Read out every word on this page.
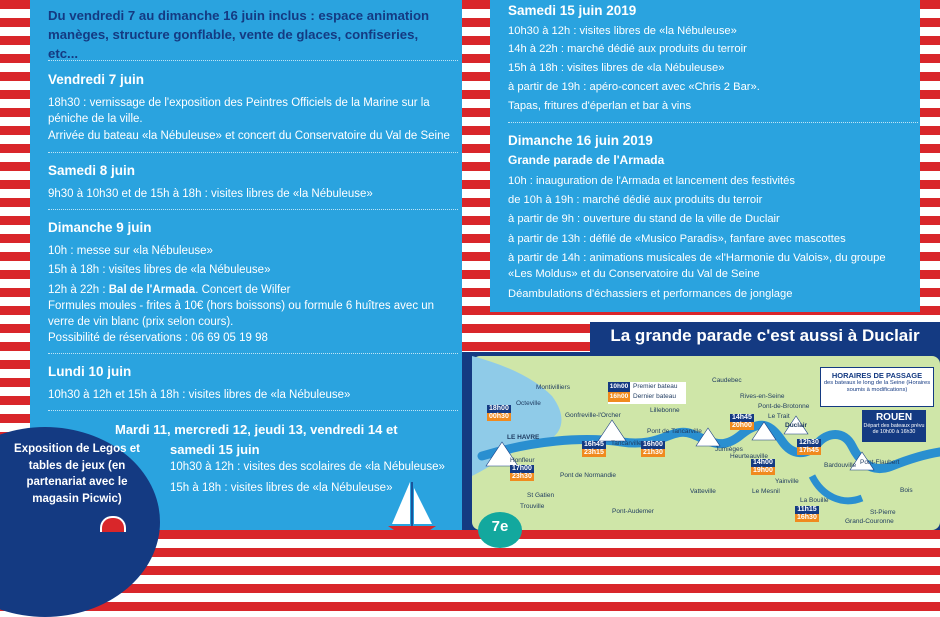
Du vendredi 7 au dimanche 16 juin inclus : espace animation manèges, structure gonflable, vente de glaces, confiseries, etc...
Vendredi 7 juin
18h30 : vernissage de l'exposition des Peintres Officiels de la Marine sur la
péniche de la ville.
Arrivée du bateau «la Nébuleuse» et concert du Conservatoire du Val de Seine
Samedi 8 juin
9h30 à 10h30 et de 15h à 18h : visites libres de «la Nébuleuse»
Dimanche 9 juin
10h : messe sur «la Nébuleuse»
15h à 18h : visites libres de «la Nébuleuse»
12h à 22h : Bal de l'Armada. Concert de Wilfer
Formules moules - frites à 10€ (hors boissons) ou formule 6 huîtres avec un
verre de vin blanc (prix selon cours).
Possibilité de réservations : 06 69 05 19 98
Lundi 10 juin
10h30 à 12h et 15h à 18h : visites libres de «la Nébuleuse»
Mardi 11, mercredi 12, jeudi 13, vendredi 14 et
samedi 15 juin
10h30 à 12h : visites des scolaires de «la Nébuleuse»
15h à 18h : visites libres de «la Nébuleuse»
Exposition de Legos et tables de jeux (en partenariat avec le magasin Picwic)
Samedi 15 juin 2019
10h30 à 12h : visites libres de «la Nébuleuse»
14h à 22h : marché dédié aux produits du terroir
15h à 18h : visites libres de «la Nébuleuse»
à partir de 19h : apéro-concert avec «Chris 2 Bar».
Tapas, fritures d'éperlan et bar à vins
Dimanche 16 juin 2019
Grande parade de l'Armada
10h : inauguration de l'Armada et lancement des festivités
de 10h à 19h : marché dédié aux produits du terroir
à partir de 9h : ouverture du stand de la ville de Duclair
à partir de 13h : défilé de «Musico Paradis», fanfare avec mascottes
à partir de 14h : animations musicales de «l'Harmonie du Valois», du groupe
«Les Moldus» et du Conservatoire du Val de Seine
Déambulations d'échassiers et performances de jonglage
La grande parade c'est aussi à Duclair
18h00
00h30
17h00
23h30
16h45
23h15
16h00
21h30
14h45
20h00
14h00
19h00
12h30
17h45
11h15
16h30
Montivilliers
Octeville
Gonfreville-l'Orcher
LE HAVRE
Honfleur
Tancarville
Pont de Tancarville
Lillebonne
Pont de Normandie
St Gatien
Trouville
Caudebec
Rives-en-Seine
Pont-de-Brotonne
Le Trait
Duclair
Jumièges
Heurteauville
Yainville
Le Mesnil
La Bouille
Bardouville Pont-Flaubert
Bois
St-Pierre
Vatteville
Grand-Couronne
Pont-Audemer
10h00 Premier bateau
16h00 Dernier bateau
HORAIRES DE PASSAGE
des bateaux le long de la Seine (Horaires soumis à modifications)
ROUEN
Départ des bateaux prévu de 10h00 à 16h30
7e
